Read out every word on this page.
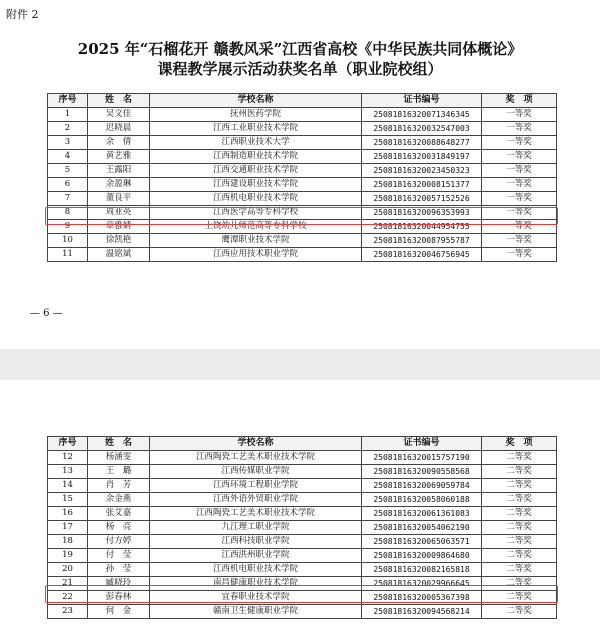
附件 2
2025 年“石榴花开 赣教风采”江西省高校《中华民族共同体概论》
课程教学展示活动获奖名单（职业院校组）
序号	姓　名	学校名称	证书编号	奖　项
1	吴文佳	抚州医药学院	25081816320071346345	一等奖
2	迟晓晨	江西工业职业技术学院	25081816320032547003	一等奖
3	余　倩	江西职业技术大学	25081816320088648277	一等奖
4	黄艺雅	江西制造职业技术学院	25081816320031849197	一等奖
5	王露阳	江西交通职业技术学院	25081816320023450323	一等奖
6	余盈琳	江西建设职业技术学院	25081816320008151377	一等奖
7	董良平	江西机电职业技术学院	25081816320057152526	一等奖
8	周亚英	江西医学高等专科学校	25081816320096353993	一等奖
9	章雅婧	上饶幼儿师范高等专科学校	25081816320044954755	一等奖
10	徐凯艳	鹰潭职业技术学院	25081816320087955787	一等奖
11	温铭斌	江西应用技术职业学院	25081816320046756945	一等奖
— 6 —
序号	姓　名	学校名称	证书编号	奖　项
12	杨涵雯	江西陶瓷工艺美术职业技术学院	25081816320015757190	二等奖
13	王　璐	江西传媒职业学院	25081816320090558568	二等奖
14	肖　芳	江西环境工程职业学院	25081816320069059784	二等奖
15	余金燕	江西外语外贸职业学院	25081816320058060188	二等奖
16	张艾嘉	江西陶瓷工艺美术职业技术学院	25081816320061361083	二等奖
17	杨　亮	九江理工职业学院	25081816320054062190	二等奖
18	付方婷	江西科技职业学院	25081816320065063571	二等奖
19	付　莹	江西洪州职业学院	25081816320009864680	二等奖
20	孙　莹	江西机电职业技术学院	25081816320082165818	二等奖
21	臧晓玲	南昌健康职业技术学院	25081816320029966645	二等奖
22	彭春林	宜春职业技术学院	25081816320005367398	二等奖
23	何　金	赣南卫生健康职业学院	25081816320094568214	二等奖
